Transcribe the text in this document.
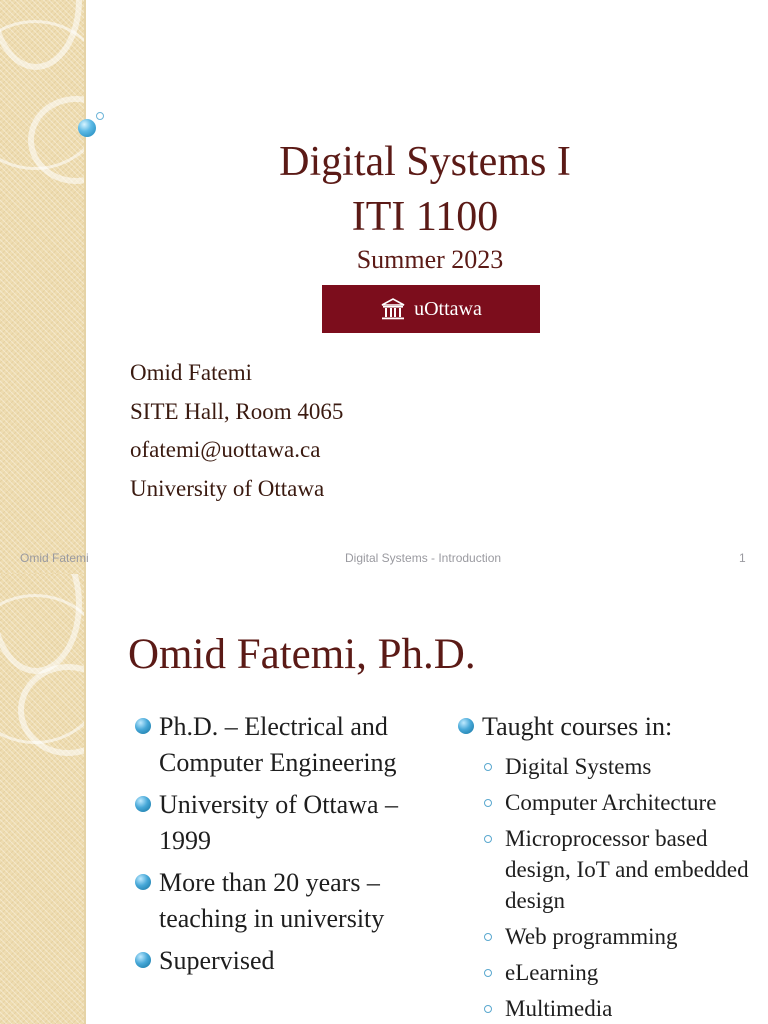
Digital Systems I
ITI 1100
Summer 2023
uOttawa
Omid Fatemi
SITE Hall, Room 4065
ofatemi@uottawa.ca
University of Ottawa
Omid Fatemi	Digital Systems - Introduction	1
Omid Fatemi, Ph.D.
Ph.D. – Electrical and Computer Engineering
University of Ottawa – 1999
More than 20 years – teaching in university
Supervised
Taught courses in:
Digital Systems
Computer Architecture
Microprocessor based design, IoT and embedded design
Web programming
eLearning
Multimedia
